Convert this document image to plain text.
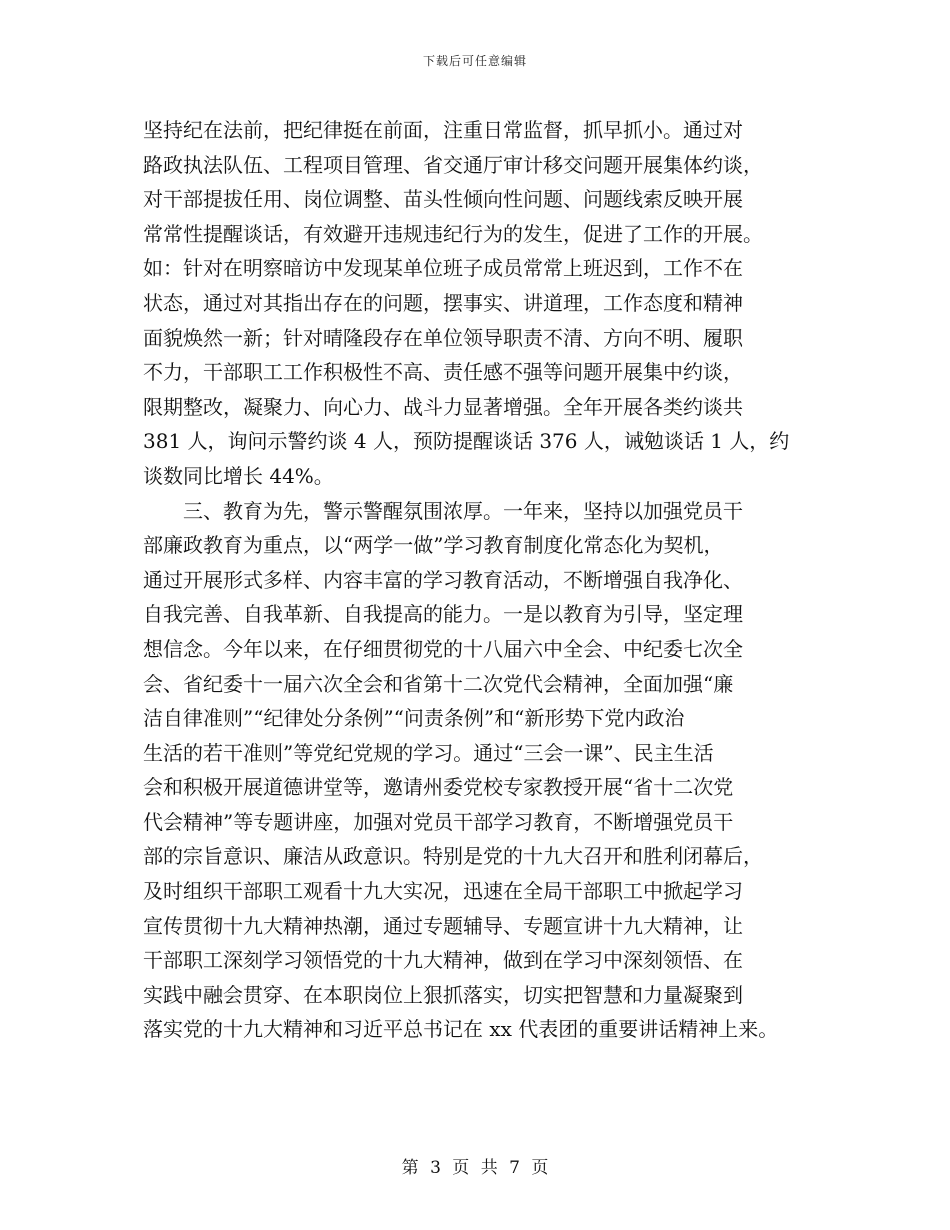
下载后可任意编辑
坚持纪在法前，把纪律挺在前面，注重日常监督，抓早抓小。通过对
路政执法队伍、工程项目管理、省交通厅审计移交问题开展集体约谈，
对干部提拔任用、岗位调整、苗头性倾向性问题、问题线索反映开展
常常性提醒谈话，有效避开违规违纪行为的发生，促进了工作的开展。
如：针对在明察暗访中发现某单位班子成员常常上班迟到，工作不在
状态，通过对其指出存在的问题，摆事实、讲道理，工作态度和精神
面貌焕然一新；针对晴隆段存在单位领导职责不清、方向不明、履职
不力，干部职工工作积极性不高、责任感不强等问题开展集中约谈，
限期整改，凝聚力、向心力、战斗力显著增强。全年开展各类约谈共
381 人，询问示警约谈 4 人，预防提醒谈话 376 人，诫勉谈话 1 人，约
谈数同比增长 44%。
三、教育为先，警示警醒氛围浓厚。一年来，坚持以加强党员干
部廉政教育为重点，以“两学一做”学习教育制度化常态化为契机，
通过开展形式多样、内容丰富的学习教育活动，不断增强自我净化、
自我完善、自我革新、自我提高的能力。一是以教育为引导，坚定理
想信念。今年以来，在仔细贯彻党的十八届六中全会、中纪委七次全
会、省纪委十一届六次全会和省第十二次党代会精神，全面加强“廉
洁自律准则”“纪律处分条例”“问责条例”和“新形势下党内政治
生活的若干准则”等党纪党规的学习。通过“三会一课”、民主生活
会和积极开展道德讲堂等，邀请州委党校专家教授开展“省十二次党
代会精神”等专题讲座，加强对党员干部学习教育，不断增强党员干
部的宗旨意识、廉洁从政意识。特别是党的十九大召开和胜利闭幕后，
及时组织干部职工观看十九大实况，迅速在全局干部职工中掀起学习
宣传贯彻十九大精神热潮，通过专题辅导、专题宣讲十九大精神，让
干部职工深刻学习领悟党的十九大精神，做到在学习中深刻领悟、在
实践中融会贯穿、在本职岗位上狠抓落实，切实把智慧和力量凝聚到
落实党的十九大精神和习近平总书记在 xx 代表团的重要讲话精神上来。
第 3 页 共 7 页
